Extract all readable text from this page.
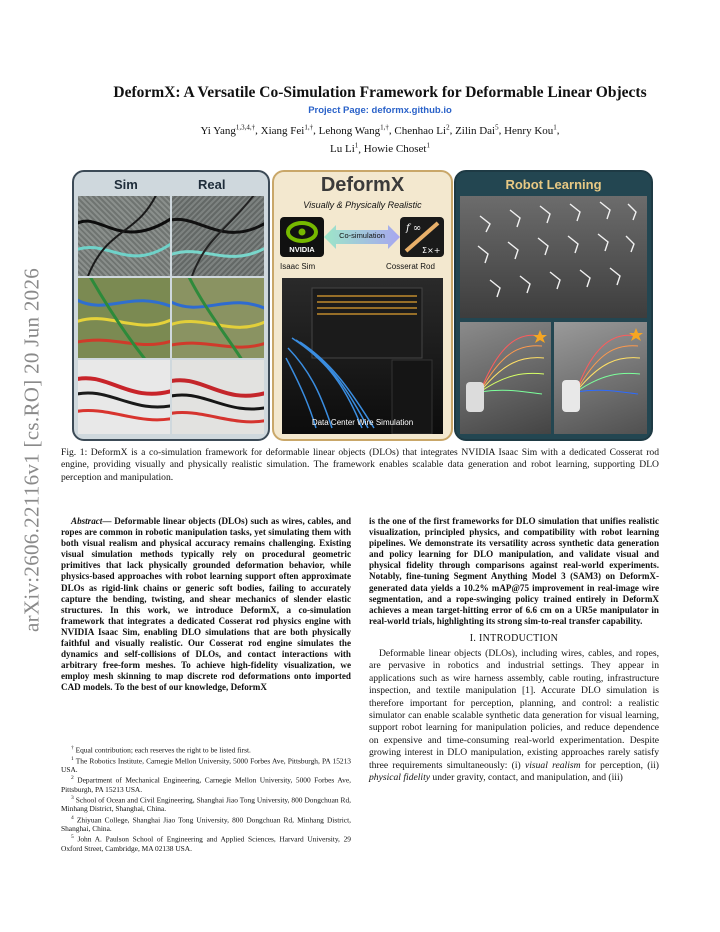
arXiv:2606.22116v1 [cs.RO] 20 Jun 2026
DeformX: A Versatile Co-Simulation Framework for Deformable Linear Objects
Project Page: deformx.github.io
Yi Yang$^{1,3,4,\dagger}$, Xiang Fei$^{1,\dagger}$, Lehong Wang$^{1,\dagger}$, Chenhao Li$^2$, Zilin Dai$^5$, Henry Kou$^1$,
Lu Li$^1$, Howie Choset$^1$
Sim	Real	DeformX
Visually & Physically Realistic
NVIDIA
Co-simulation
f ∞
Σ×+
Isaac Sim	Cosserat Rod
Data Center Wire Simulation
Robot Learning
Fig. 1: DeformX is a co-simulation framework for deformable linear objects (DLOs) that integrates NVIDIA Isaac Sim with a dedicated Cosserat rod engine, providing visually and physically realistic simulation. The framework enables scalable data generation and robot learning, supporting DLO perception and manipulation.
Abstract— Deformable linear objects (DLOs) such as wires, cables, and ropes are common in robotic manipulation tasks, yet simulating them with both visual realism and physical accuracy remains challenging. Existing visual simulation methods typically rely on procedural geometric primitives that lack physically grounded deformation behavior, while physics-based approaches with robot learning support often approximate DLOs as rigid-link chains or generic soft bodies, failing to accurately capture the bending, twisting, and shear mechanics of slender elastic structures. In this work, we introduce DeformX, a co-simulation framework that integrates a dedicated Cosserat rod physics engine with NVIDIA Isaac Sim, enabling DLO simulations that are both physically faithful and visually realistic. Our Cosserat rod engine simulates the dynamics and self-collisions of DLOs, and contact interactions with arbitrary free-form meshes. To achieve high-fidelity visualization, we employ mesh skinning to map discrete rod deformations onto imported CAD models. To the best of our knowledge, DeformX

† Equal contribution; each reserves the right to be listed first.

$^1$ The Robotics Institute, Carnegie Mellon University, 5000 Forbes Ave, Pittsburgh, PA 15213 USA.

$^2$ Department of Mechanical Engineering, Carnegie Mellon University, 5000 Forbes Ave, Pittsburgh, PA 15213 USA.

$^3$ School of Ocean and Civil Engineering, Shanghai Jiao Tong University, 800 Dongchuan Rd, Minhang District, Shanghai, China.

$^4$ Zhiyuan College, Shanghai Jiao Tong University, 800 Dongchuan Rd, Minhang District, Shanghai, China.

$^5$ John A. Paulson School of Engineering and Applied Sciences, Harvard University, 29 Oxford Street, Cambridge, MA 02138 USA.

is the one of the first frameworks for DLO simulation that unifies realistic visualization, principled physics, and compatibility with robot learning pipelines. We demonstrate its versatility across synthetic data generation and policy learning for DLO manipulation, and validate visual and physical fidelity through comparisons against real-world experiments. Notably, fine-tuning Segment Anything Model 3 (SAM3) on DeformX-generated data yields a 10.2% mAP@75 improvement in real-image wire segmentation, and a rope-swinging policy trained entirely in DeformX achieves a mean target-hitting error of 6.6 cm on a UR5e manipulator in real-world trials, highlighting its strong sim-to-real transfer capability.
I. INTRODUCTION
Deformable linear objects (DLOs), including wires, cables, and ropes, are pervasive in robotics and industrial settings. They appear in applications such as wire harness assembly, cable routing, infrastructure inspection, and textile manipulation [1]. Accurate DLO simulation is therefore important for perception, planning, and control: a realistic simulator can enable scalable synthetic data generation for visual learning, support robot learning for manipulation policies, and reduce dependence on expensive and time-consuming real-world experimentation. Despite growing interest in DLO manipulation, existing approaches rarely satisfy three requirements simultaneously: (i) visual realism for perception, (ii) physical fidelity under gravity, contact, and manipulation, and (iii)
